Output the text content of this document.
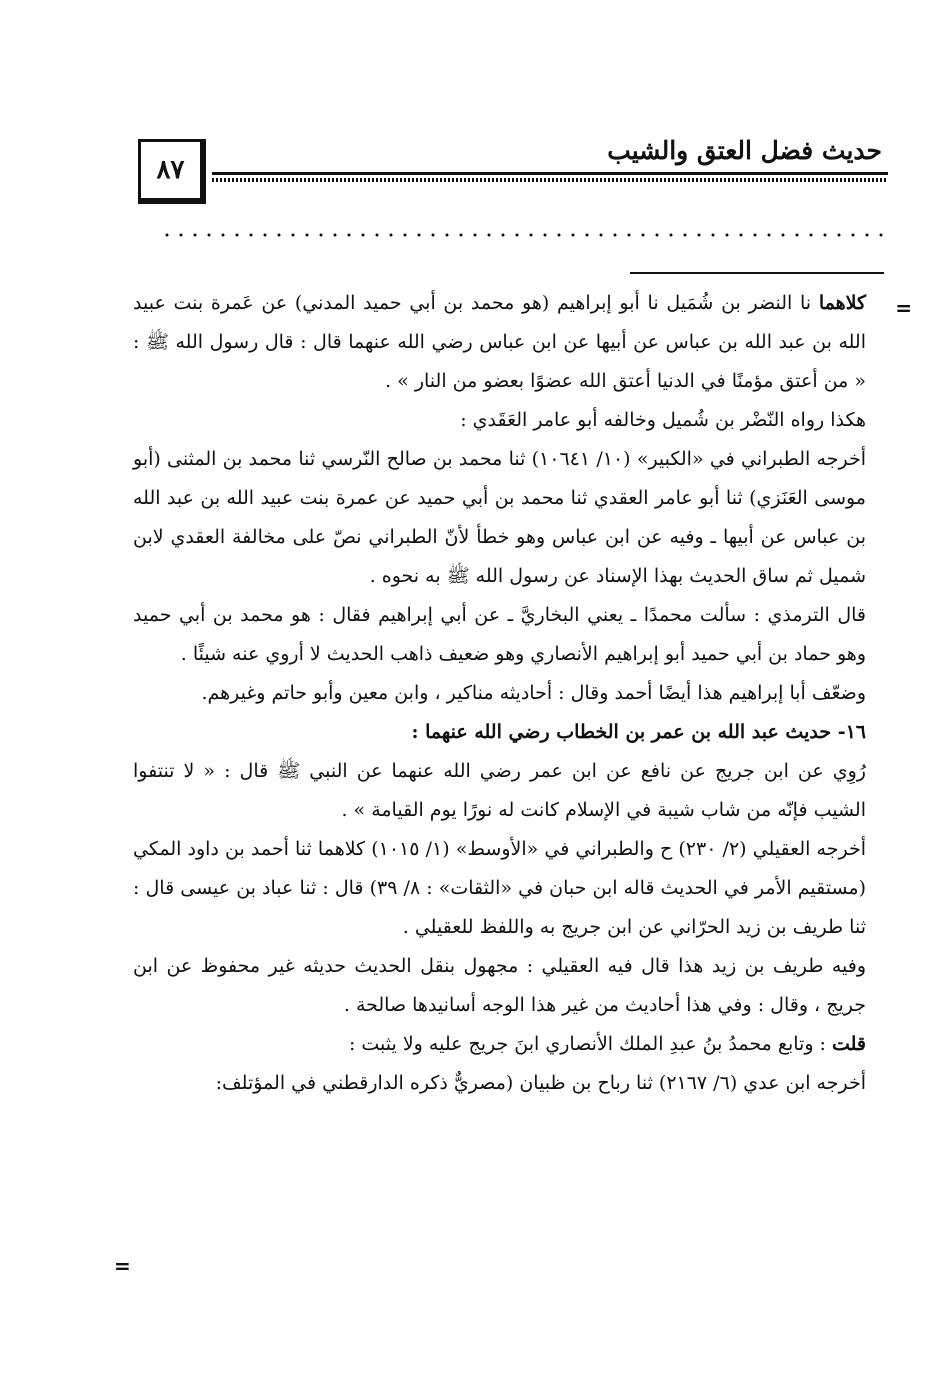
٨٧
حديث فضل العتق والشيب
=

كلاهما نا النضر بن شُمَيل نا أبو إبراهيم (هو محمد بن أبي حميد المدني) عن عَمرة بنت عبيد الله بن عبد الله بن عباس عن أبيها عن ابن عباس رضي الله عنهما قال : قال رسول الله ﷺ : « من أعتق مؤمنًا في الدنيا أعتق الله عضوًا بعضو من النار » .

هكذا رواه النّضْر بن شُميل وخالفه أبو عامر العَقَدي :

أخرجه الطبراني في «الكبير» (١٠/ ١٠٦٤١) ثنا محمد بن صالح النّرسي ثنا محمد بن المثنى (أبو موسى العَنَزي) ثنا أبو عامر العقدي ثنا محمد بن أبي حميد عن عمرة بنت عبيد الله بن عبد الله بن عباس عن أبيها ـ وفيه عن ابن عباس وهو خطأ لأنّ الطبراني نصّ على مخالفة العقدي لابن شميل ثم ساق الحديث بهذا الإسناد عن رسول الله ﷺ به نحوه .

قال الترمذي : سألت محمدًا ـ يعني البخاريَّ ـ عن أبي إبراهيم فقال : هو محمد بن أبي حميد وهو حماد بن أبي حميد أبو إبراهيم الأنصاري وهو ضعيف ذاهب الحديث لا أروي عنه شيئًا .

وضعّف أبا إبراهيم هذا أيضًا أحمد وقال : أحاديثه مناكير ، وابن معين وأبو حاتم وغيرهم.

١٦- حديث عبد الله بن عمر بن الخطاب رضي الله عنهما :

رُوِي عن ابن جريج عن نافع عن ابن عمر رضي الله عنهما عن النبي ﷺ قال : « لا تنتفوا الشيب فإنّه من شاب شيبة في الإسلام كانت له نورًا يوم القيامة » .

أخرجه العقيلي (٢/ ٢٣٠) ح والطبراني في «الأوسط» (١/ ١٠١٥) كلاهما ثنا أحمد بن داود المكي (مستقيم الأمر في الحديث قاله ابن حبان في «الثقات» : ٨/ ٣٩) قال : ثنا عباد بن عيسى قال : ثنا طريف بن زيد الحرّاني عن ابن جريج به واللفظ للعقيلي .

وفيه طريف بن زيد هذا قال فيه العقيلي : مجهول بنقل الحديث حديثه غير محفوظ عن ابن جريج ، وقال : وفي هذا أحاديث من غير هذا الوجه أسانيدها صالحة .

قلت : وتابع محمدُ بنُ عبدِ الملك الأنصاري ابنَ جريج عليه ولا يثبت :

أخرجه ابن عدي (٦/ ٢١٦٧) ثنا رباح بن ظبيان (مصريٌّ ذكره الدارقطني في المؤتلف:

=
